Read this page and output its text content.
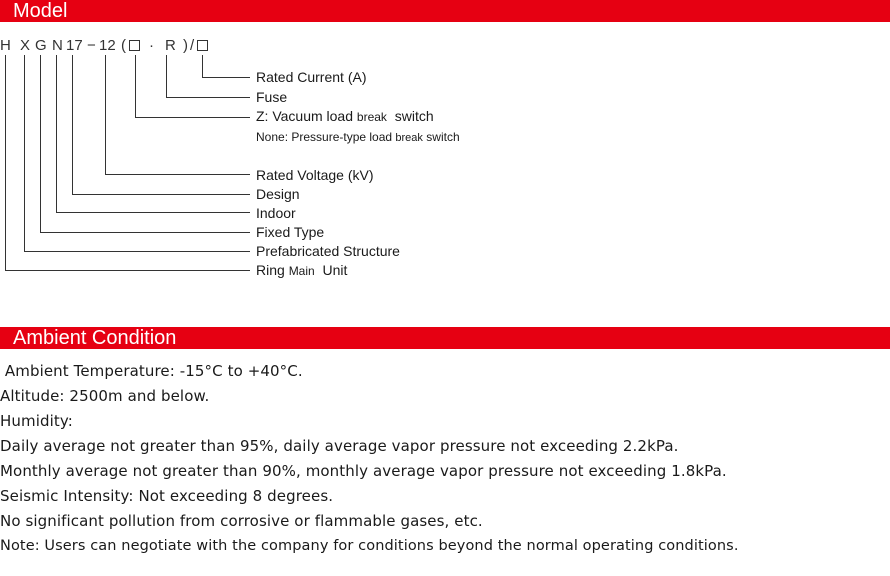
Model
H X G N 17 − 12 ( · R ) /
Rated Current (A)
Fuse
Z: Vacuum load break  switch
None: Pressure-type load break switch
Rated Voltage (kV)
Design
Indoor
Fixed Type
Prefabricated Structure
Ring Main  Unit
Ambient Condition
Ambient Temperature: -15°C to +40°C.
Altitude: 2500m and below.
Humidity:
Daily average not greater than 95%, daily average vapor pressure not exceeding 2.2kPa.
Monthly average not greater than 90%, monthly average vapor pressure not exceeding 1.8kPa.
Seismic Intensity: Not exceeding 8 degrees.
No significant pollution from corrosive or flammable gases, etc.
Note: Users can negotiate with the company for conditions beyond the normal operating conditions.
